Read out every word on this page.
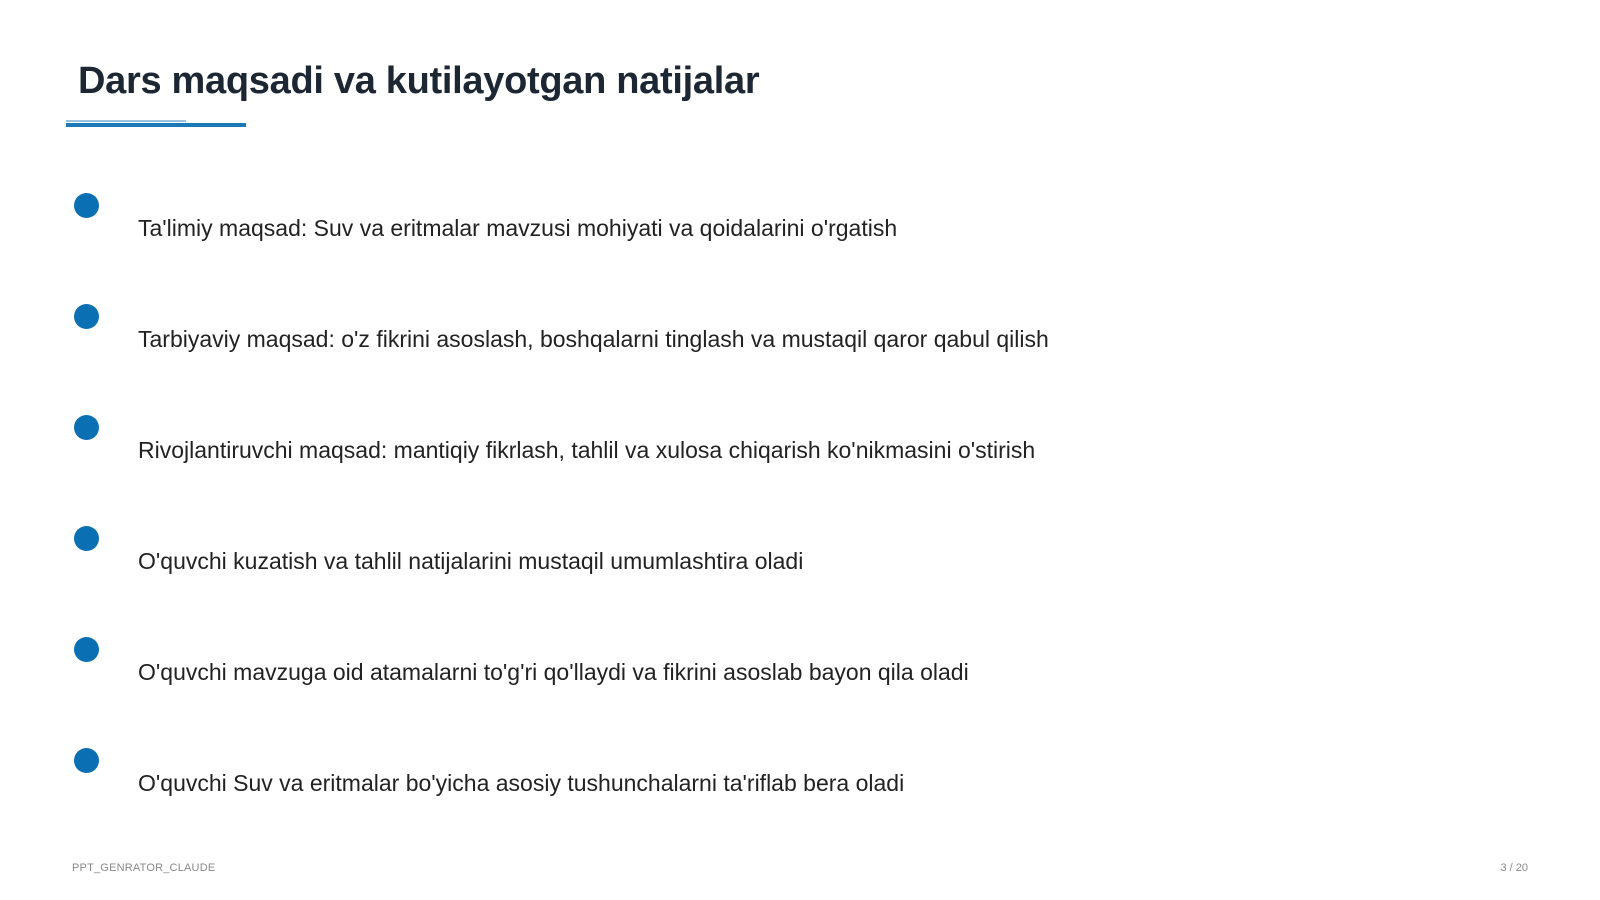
Dars maqsadi va kutilayotgan natijalar
Ta'limiy maqsad: Suv va eritmalar mavzusi mohiyati va qoidalarini o'rgatish
Tarbiyaviy maqsad: o'z fikrini asoslash, boshqalarni tinglash va mustaqil qaror qabul qilish
Rivojlantiruvchi maqsad: mantiqiy fikrlash, tahlil va xulosa chiqarish ko'nikmasini o'stirish
O'quvchi kuzatish va tahlil natijalarini mustaqil umumlashtira oladi
O'quvchi mavzuga oid atamalarni to'g'ri qo'llaydi va fikrini asoslab bayon qila oladi
O'quvchi Suv va eritmalar bo'yicha asosiy tushunchalarni ta'riflab bera oladi
PPT_GENRATOR_CLAUDE	3 / 20
